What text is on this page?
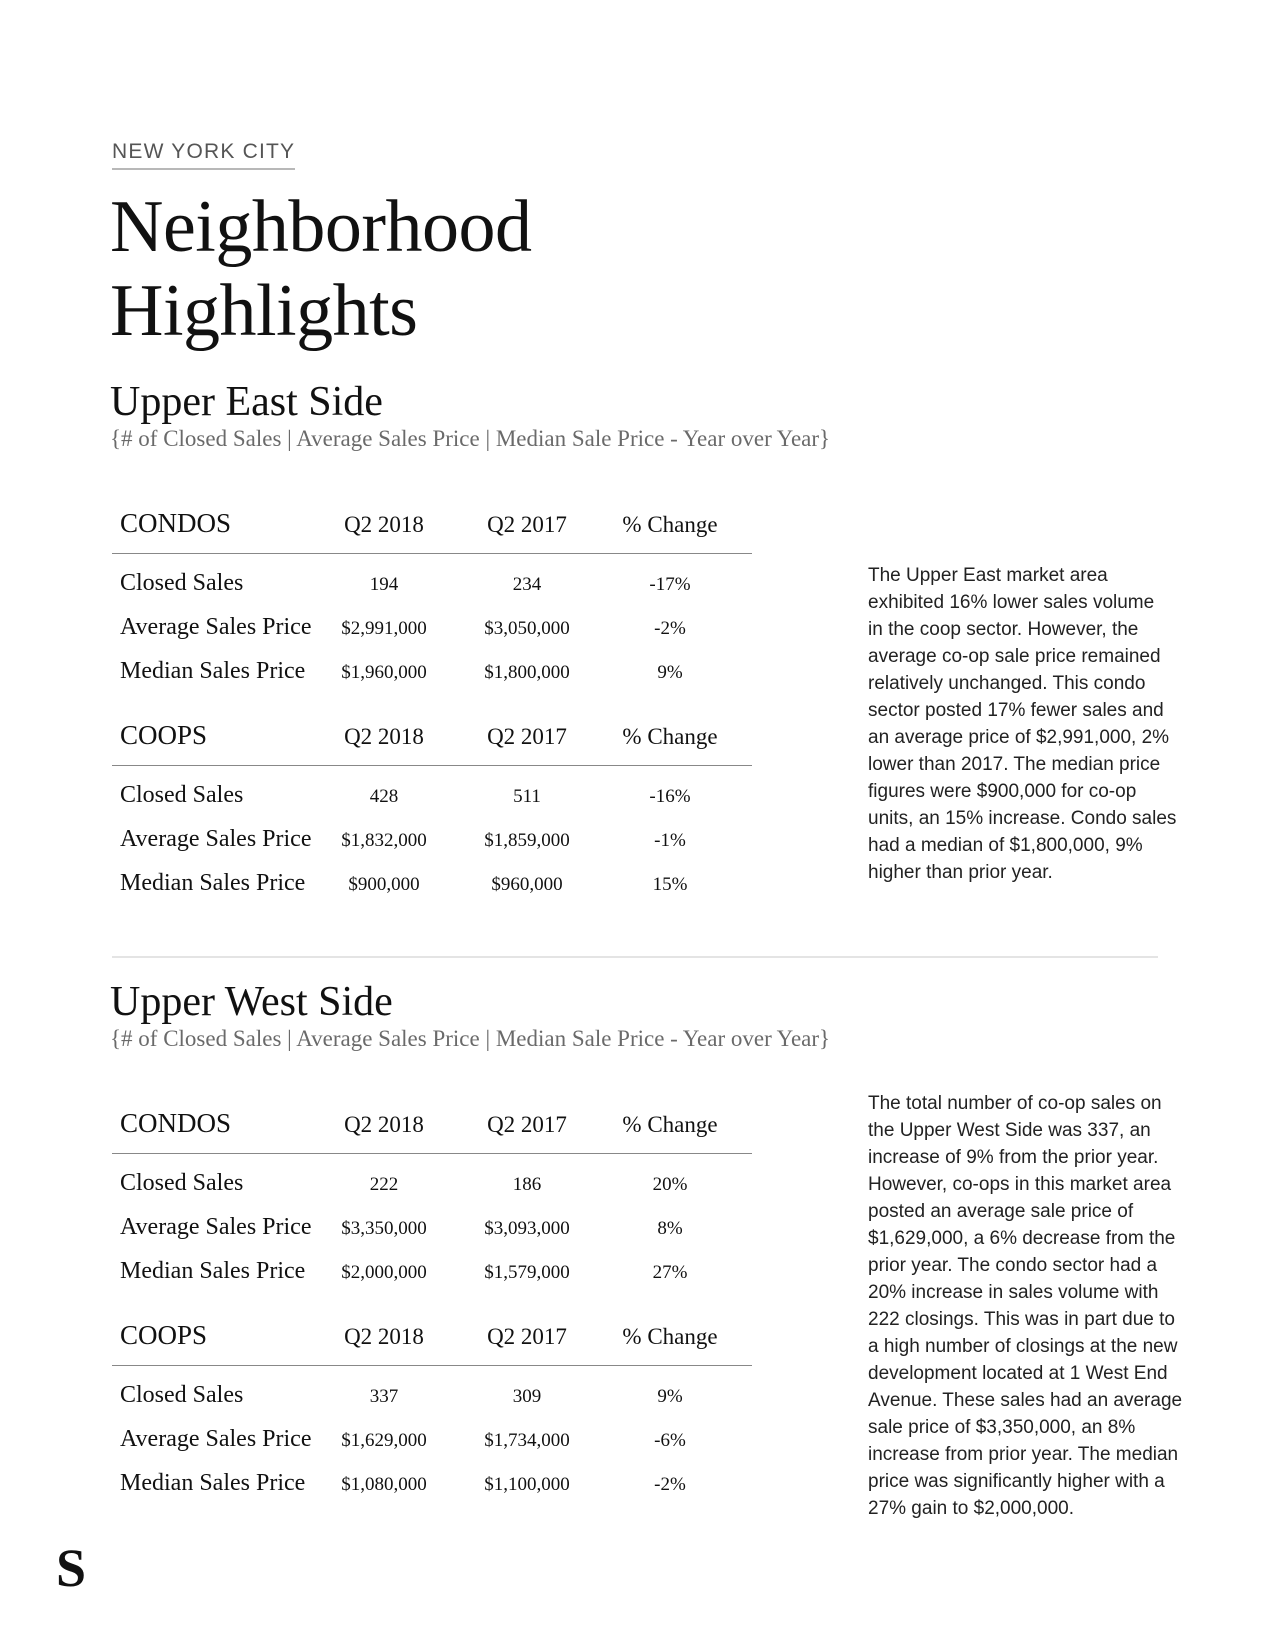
NEW YORK CITY
Neighborhood
Highlights
Upper East Side
{# of Closed Sales | Average Sales Price | Median Sale Price - Year over Year}
CONDOS	Q2 2018	Q2 2017	% Change
Closed Sales	194	234	-17%
Average Sales Price	$2,991,000	$3,050,000	-2%
Median Sales Price	$1,960,000	$1,800,000	9%
COOPS	Q2 2018	Q2 2017	% Change
Closed Sales	428	511	-16%
Average Sales Price	$1,832,000	$1,859,000	-1%
Median Sales Price	$900,000	$960,000	15%
The Upper East market area
exhibited 16% lower sales volume
in the coop sector. However, the
average co-op sale price remained
relatively unchanged. This condo
sector posted 17% fewer sales and
an average price of $2,991,000, 2%
lower than 2017. The median price
figures were $900,000 for co-op
units, an 15% increase. Condo sales
had a median of $1,800,000, 9%
higher than prior year.
Upper West Side
{# of Closed Sales | Average Sales Price | Median Sale Price - Year over Year}
CONDOS	Q2 2018	Q2 2017	% Change
Closed Sales	222	186	20%
Average Sales Price	$3,350,000	$3,093,000	8%
Median Sales Price	$2,000,000	$1,579,000	27%
COOPS	Q2 2018	Q2 2017	% Change
Closed Sales	337	309	9%
Average Sales Price	$1,629,000	$1,734,000	-6%
Median Sales Price	$1,080,000	$1,100,000	-2%
The total number of co-op sales on
the Upper West Side was 337, an
increase of 9% from the prior year.
However, co-ops in this market area
posted an average sale price of
$1,629,000, a 6% decrease from the
prior year. The condo sector had a
20% increase in sales volume with
222 closings. This was in part due to
a high number of closings at the new
development located at 1 West End
Avenue. These sales had an average
sale price of $3,350,000, an 8%
increase from prior year. The median
price was significantly higher with a
27% gain to $2,000,000.
S
